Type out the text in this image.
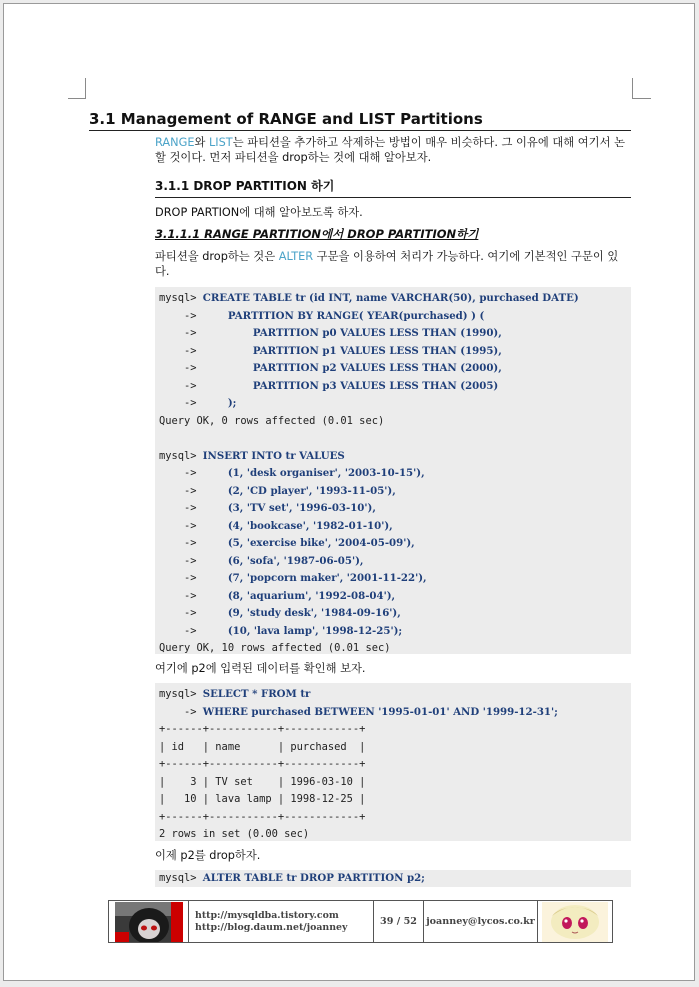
3.1 Management of RANGE and LIST Partitions
RANGE와 LIST는 파티션을 추가하고 삭제하는 방법이 매우 비슷하다. 그 이유에 대해 여기서 논할 것이다. 먼저 파티션을 drop하는 것에 대해 알아보자.
3.1.1 DROP PARTITION 하기
DROP PARTION에 대해 알아보도록 하자.
3.1.1.1 RANGE PARTITION에서 DROP PARTITION하기
파티션을 drop하는 것은 ALTER 구문을 이용하여 처리가 가능하다. 여기에 기본적인 구문이 있다.
mysql> CREATE TABLE tr (id INT, name VARCHAR(50), purchased DATE)
->     PARTITION BY RANGE( YEAR(purchased) ) (
->         PARTITION p0 VALUES LESS THAN (1990),
->         PARTITION p1 VALUES LESS THAN (1995),
->         PARTITION p2 VALUES LESS THAN (2000),
->         PARTITION p3 VALUES LESS THAN (2005)
->     );
Query OK, 0 rows affected (0.01 sec)
mysql> INSERT INTO tr VALUES
->     (1, 'desk organiser', '2003-10-15'),
->     (2, 'CD player', '1993-11-05'),
->     (3, 'TV set', '1996-03-10'),
->     (4, 'bookcase', '1982-01-10'),
->     (5, 'exercise bike', '2004-05-09'),
->     (6, 'sofa', '1987-06-05'),
->     (7, 'popcorn maker', '2001-11-22'),
->     (8, 'aquarium', '1992-08-04'),
->     (9, 'study desk', '1984-09-16'),
->     (10, 'lava lamp', '1998-12-25');
Query OK, 10 rows affected (0.01 sec)
여기에 p2에 입력된 데이터를 확인해 보자.
mysql> SELECT * FROM tr
-> WHERE purchased BETWEEN '1995-01-01' AND '1999-12-31';
+------+-----------+------------+
| id   | name      | purchased  |
+------+-----------+------------+
|    3 | TV set    | 1996-03-10 |
|   10 | lava lamp | 1998-12-25 |
+------+-----------+------------+
2 rows in set (0.00 sec)
이제 p2를 drop하자.
mysql> ALTER TABLE tr DROP PARTITION p2;
http://mysqldba.tistory.com
http://blog.daum.net/joanney	39 / 52 joanney@lycos.co.kr
